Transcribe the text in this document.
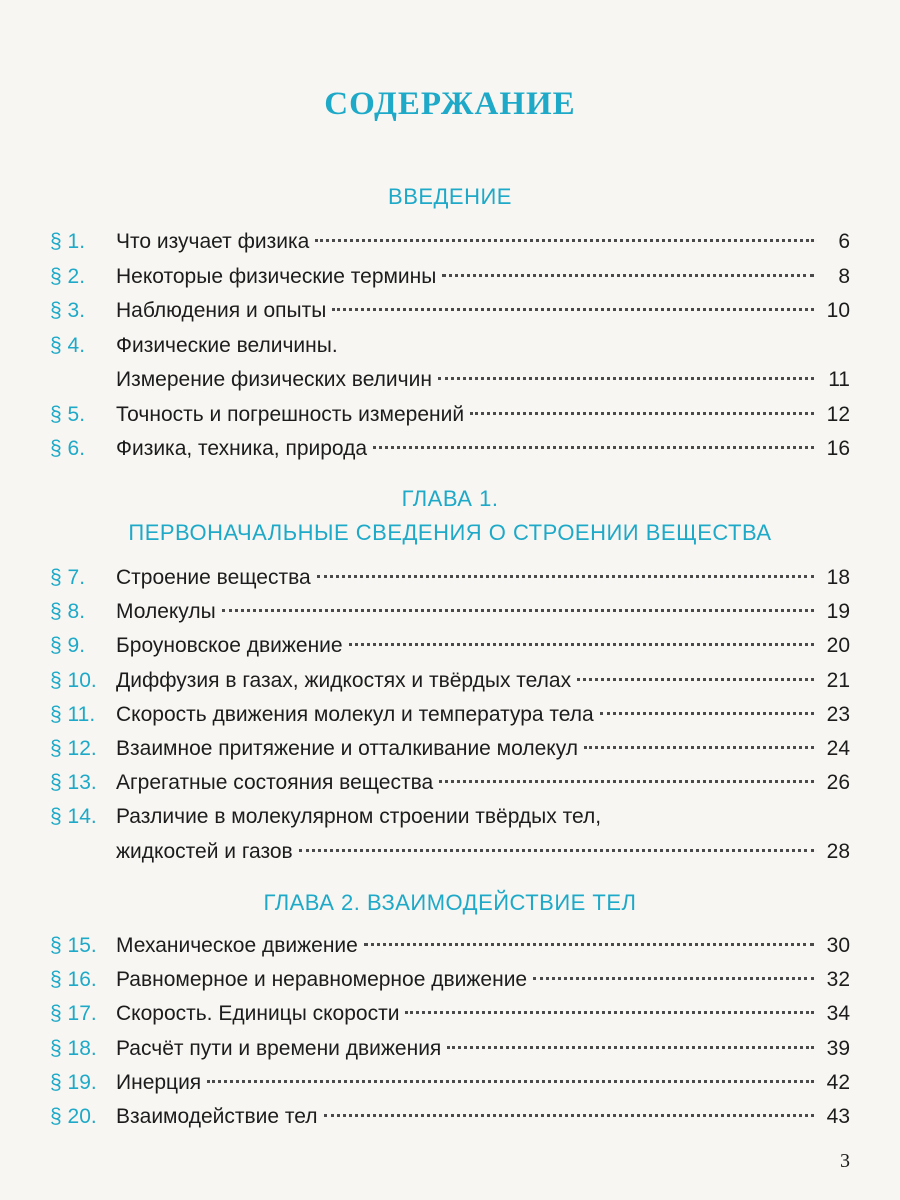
СОДЕРЖАНИЕ
ВВЕДЕНИЕ
§ 1.	Что изучает физика	6
§ 2.	Некоторые физические термины	8
§ 3.	Наблюдения и опыты	10
§ 4.	Физические величины.
Измерение физических величин	11
§ 5.	Точность и погрешность измерений	12
§ 6.	Физика, техника, природа	16
ГЛАВА 1.
ПЕРВОНАЧАЛЬНЫЕ СВЕДЕНИЯ О СТРОЕНИИ ВЕЩЕСТВА
§ 7.	Строение вещества	18
§ 8.	Молекулы	19
§ 9.	Броуновское движение	20
§ 10. Диффузия в газах, жидкостях и твёрдых телах	21
§ 11. Скорость движения молекул и температура тела	23
§ 12. Взаимное притяжение и отталкивание молекул	24
§ 13. Агрегатные состояния вещества	26
§ 14. Различие в молекулярном строении твёрдых тел,
жидкостей и газов	28
ГЛАВА 2. ВЗАИМОДЕЙСТВИЕ ТЕЛ
§ 15. Механическое движение	30
§ 16. Равномерное и неравномерное движение	32
§ 17. Скорость. Единицы скорости	34
§ 18. Расчёт пути и времени движения	39
§ 19. Инерция	42
§ 20. Взаимодействие тел	43
3
